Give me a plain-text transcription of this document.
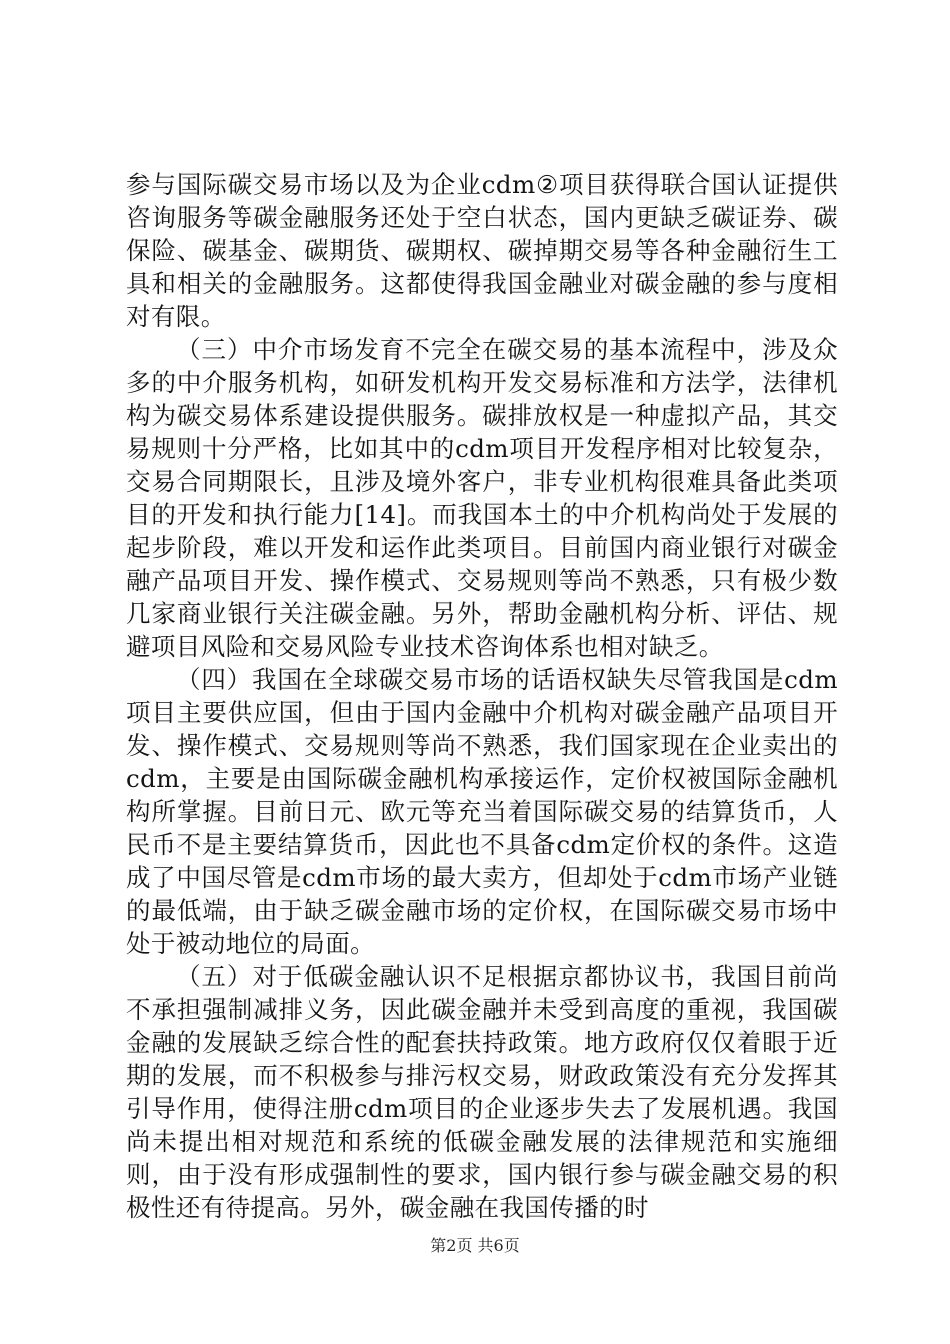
参与国际碳交易市场以及为企业cdm②项目获得联合国认证提供咨询服务等碳金融服务还处于空白状态，国内更缺乏碳证券、碳保险、碳基金、碳期货、碳期权、碳掉期交易等各种金融衍生工具和相关的金融服务。这都使得我国金融业对碳金融的参与度相对有限。

（三）中介市场发育不完全在碳交易的基本流程中，涉及众多的中介服务机构，如研发机构开发交易标准和方法学，法律机构为碳交易体系建设提供服务。碳排放权是一种虚拟产品，其交易规则十分严格，比如其中的cdm项目开发程序相对比较复杂，交易合同期限长，且涉及境外客户，非专业机构很难具备此类项目的开发和执行能力[14]。而我国本土的中介机构尚处于发展的起步阶段，难以开发和运作此类项目。目前国内商业银行对碳金融产品项目开发、操作模式、交易规则等尚不熟悉，只有极少数几家商业银行关注碳金融。另外，帮助金融机构分析、评估、规避项目风险和交易风险专业技术咨询体系也相对缺乏。

（四）我国在全球碳交易市场的话语权缺失尽管我国是cdm项目主要供应国，但由于国内金融中介机构对碳金融产品项目开发、操作模式、交易规则等尚不熟悉，我们国家现在企业卖出的cdm，主要是由国际碳金融机构承接运作，定价权被国际金融机构所掌握。目前日元、欧元等充当着国际碳交易的结算货币，人民币不是主要结算货币，因此也不具备cdm定价权的条件。这造成了中国尽管是cdm市场的最大卖方，但却处于cdm市场产业链的最低端，由于缺乏碳金融市场的定价权，在国际碳交易市场中处于被动地位的局面。

（五）对于低碳金融认识不足根据京都协议书，我国目前尚不承担强制减排义务，因此碳金融并未受到高度的重视，我国碳金融的发展缺乏综合性的配套扶持政策。地方政府仅仅着眼于近期的发展，而不积极参与排污权交易，财政政策没有充分发挥其引导作用，使得注册cdm项目的企业逐步失去了发展机遇。我国尚未提出相对规范和系统的低碳金融发展的法律规范和实施细则，由于没有形成强制性的要求，国内银行参与碳金融交易的积极性还有待提高。另外，碳金融在我国传播的时

第2页 共6页
